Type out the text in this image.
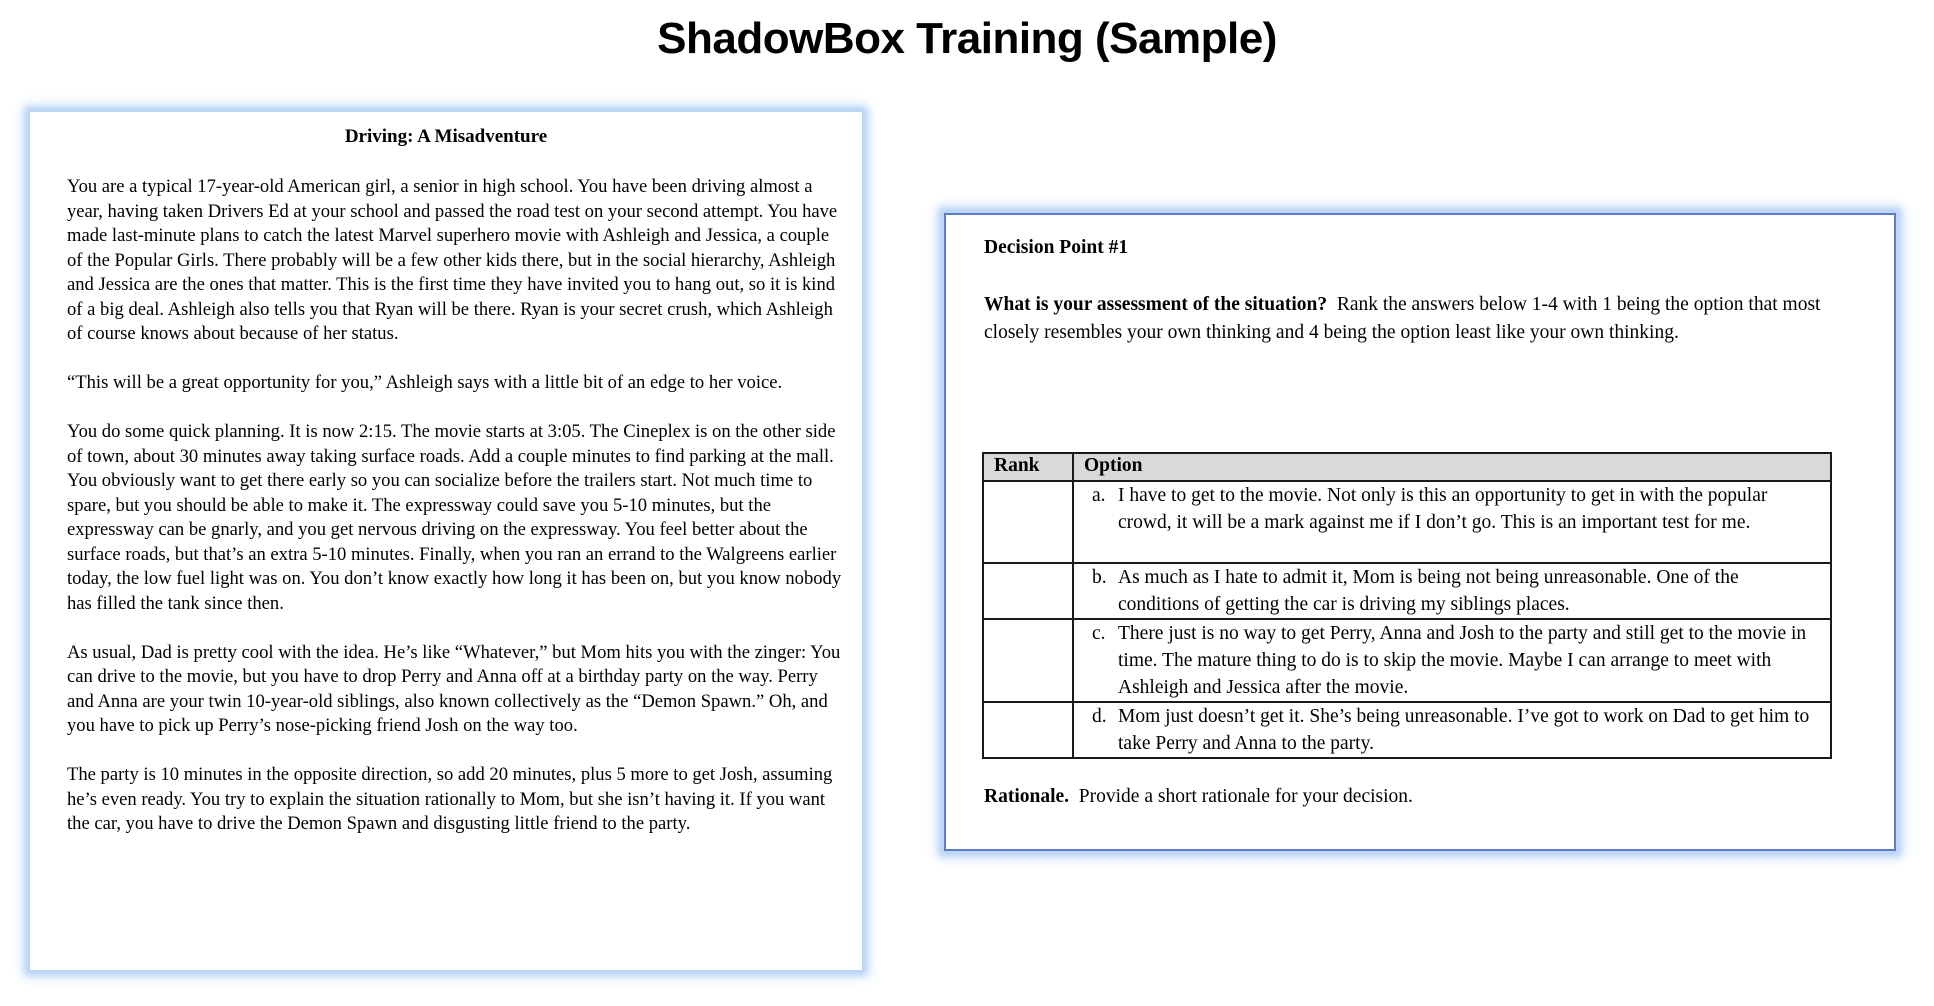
ShadowBox Training (Sample)
Driving: A Misadventure

You are a typical 17-year-old American girl, a senior in high school. You have been driving almost a year, having taken Drivers Ed at your school and passed the road test on your second attempt. You have made last-minute plans to catch the latest Marvel superhero movie with Ashleigh and Jessica, a couple of the Popular Girls. There probably will be a few other kids there, but in the social hierarchy, Ashleigh and Jessica are the ones that matter. This is the first time they have invited you to hang out, so it is kind of a big deal. Ashleigh also tells you that Ryan will be there. Ryan is your secret crush, which Ashleigh of course knows about because of her status.

“This will be a great opportunity for you,” Ashleigh says with a little bit of an edge to her voice.

You do some quick planning. It is now 2:15. The movie starts at 3:05. The Cineplex is on the other side of town, about 30 minutes away taking surface roads. Add a couple minutes to find parking at the mall. You obviously want to get there early so you can socialize before the trailers start. Not much time to spare, but you should be able to make it. The expressway could save you 5-10 minutes, but the expressway can be gnarly, and you get nervous driving on the expressway. You feel better about the surface roads, but that’s an extra 5-10 minutes. Finally, when you ran an errand to the Walgreens earlier today, the low fuel light was on. You don’t know exactly how long it has been on, but you know nobody has filled the tank since then.

As usual, Dad is pretty cool with the idea. He’s like “Whatever,” but Mom hits you with the zinger: You can drive to the movie, but you have to drop Perry and Anna off at a birthday party on the way. Perry and Anna are your twin 10-year-old siblings, also known collectively as the “Demon Spawn.” Oh, and you have to pick up Perry’s nose-picking friend Josh on the way too.

The party is 10 minutes in the opposite direction, so add 20 minutes, plus 5 more to get Josh, assuming he’s even ready. You try to explain the situation rationally to Mom, but she isn’t having it. If you want the car, you have to drive the Demon Spawn and disgusting little friend to the party.

Decision Point #1
What is your assessment of the situation?  Rank the answers below 1-4 with 1 being the option that most closely resembles your own thinking and 4 being the option least like your own thinking.
Rank	Option

	a. I have to get to the movie. Not only is this an opportunity to get in with the popular crowd, it will be a mark against me if I don’t go. This is an important test for me.

	b. As much as I hate to admit it, Mom is being not being unreasonable. One of the conditions of getting the car is driving my siblings places.

	c. There just is no way to get Perry, Anna and Josh to the party and still get to the movie in time. The mature thing to do is to skip the movie. Maybe I can arrange to meet with Ashleigh and Jessica after the movie.

	d. Mom just doesn’t get it. She’s being unreasonable. I’ve got to work on Dad to get him to take Perry and Anna to the party.
Rationale.  Provide a short rationale for your decision.
